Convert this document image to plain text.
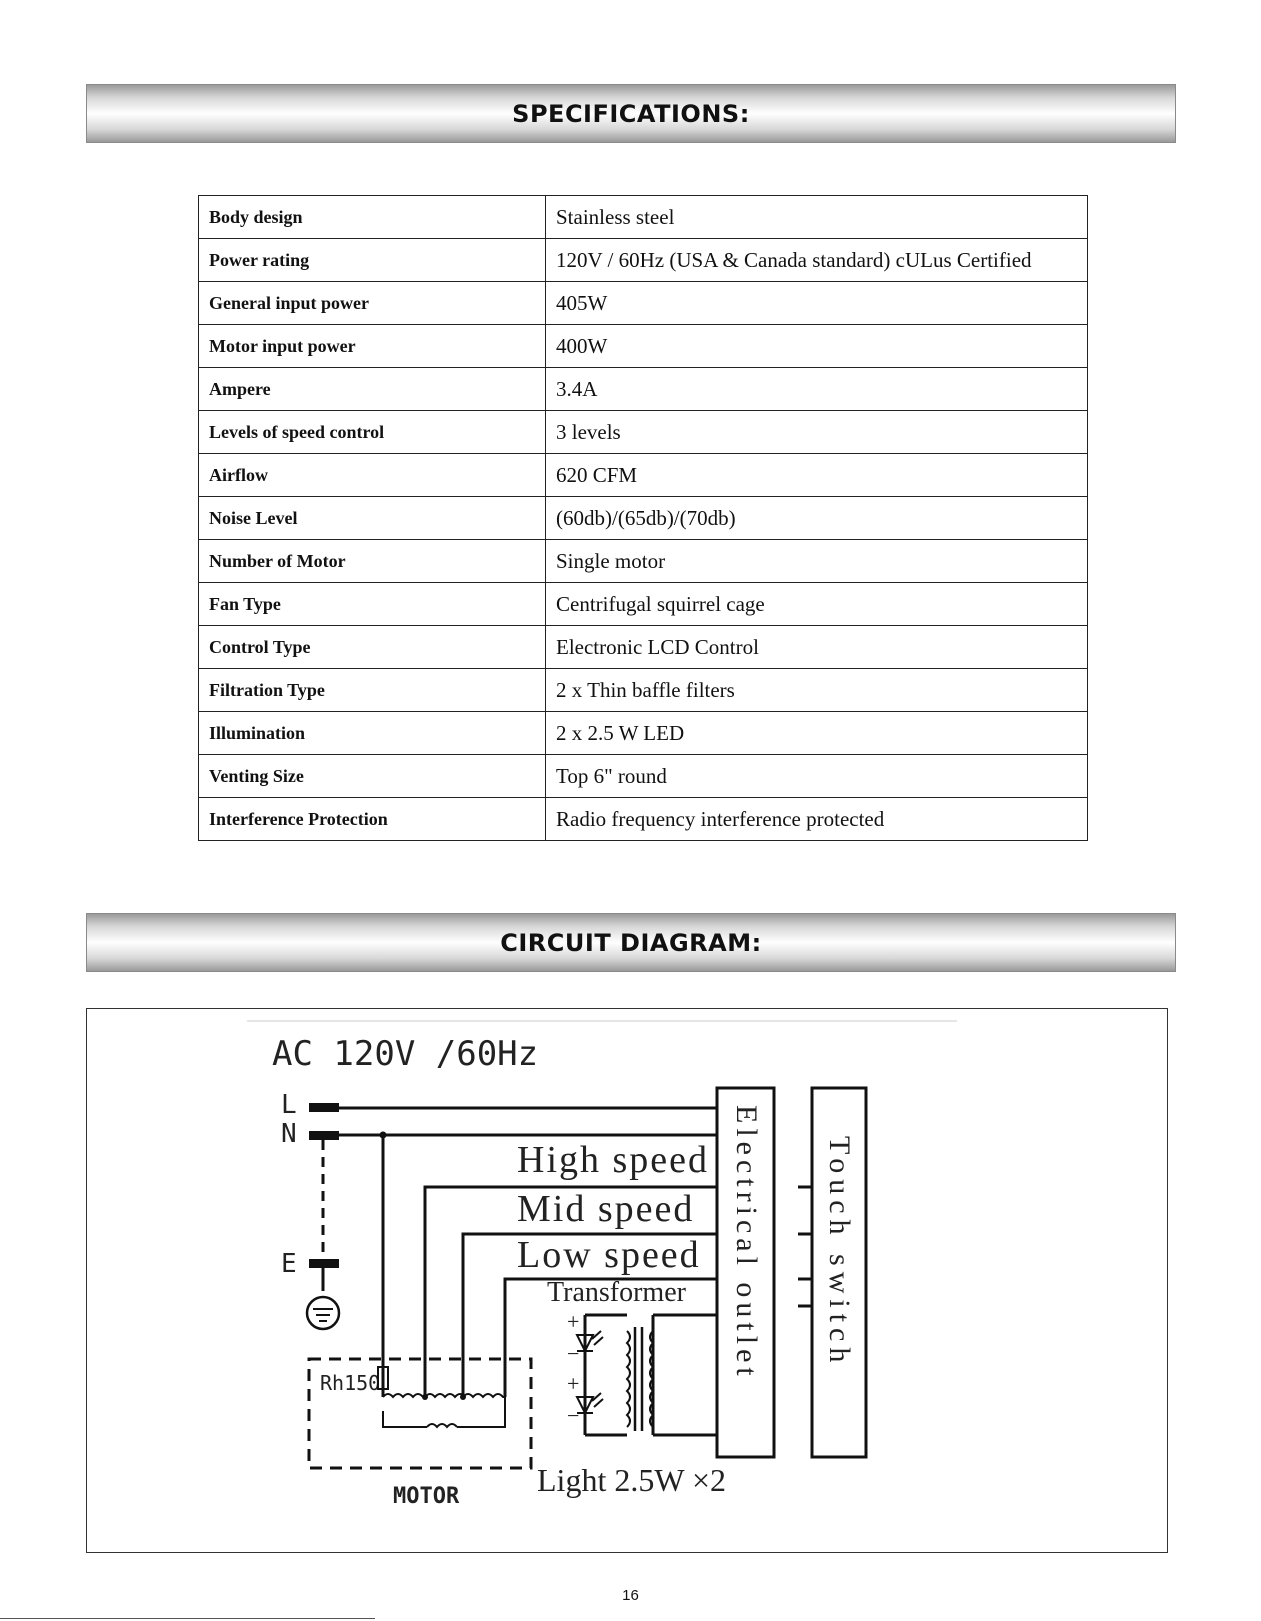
SPECIFICATIONS:
Body design	Stainless steel
Power rating	120V / 60Hz (USA & Canada standard) cULus Certified
General input power	405W
Motor input power	400W
Ampere	3.4A
Levels of speed control	3 levels
Airflow	620 CFM
Noise Level	(60db)/(65db)/(70db)
Number of Motor	Single motor
Fan Type	Centrifugal squirrel cage
Control Type	Electronic LCD Control
Filtration Type	2 x Thin baffle filters
Illumination	2 x 2.5 W LED
Venting Size	Top 6" round
Interference Protection	Radio frequency interference protected
CIRCUIT DIAGRAM:
AC 120V /60Hz
L
N
E
High speed
Mid speed
Low speed
Transformer Electrical outlet Touch switch
+
−
+
−
Rh150
MOTOR Light 2.5W ×2
16
